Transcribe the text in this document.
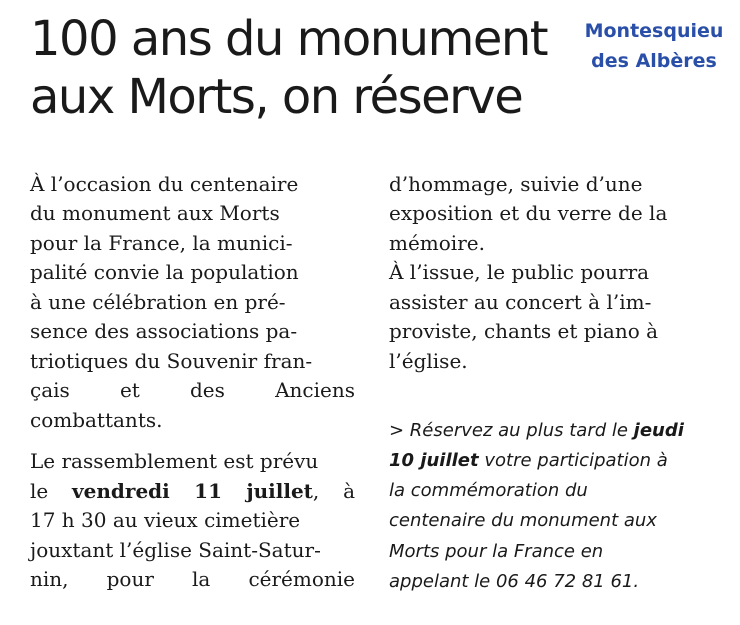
100 ans du monument
aux Morts, on réserve
Montesquieu
des Albères
À l’occasion du centenaire
du monument aux Morts
pour la France, la munici-
palité convie la population
à une célébration en pré-
sence des associations pa-
triotiques du Souvenir fran-
çais et des Anciens
combattants.
Le rassemblement est prévu
le vendredi 11 juillet, à
17 h 30 au vieux cimetière
jouxtant l’église Saint-Satur-
nin, pour la cérémonie
d’hommage, suivie d’une
exposition et du verre de la
mémoire.
À l’issue, le public pourra
assister au concert à l’im-
proviste, chants et piano à
l’église.
> Réservez au plus tard le jeudi
10 juillet votre participation à
la commémoration du
centenaire du monument aux
Morts pour la France en
appelant le 06 46 72 81 61.
